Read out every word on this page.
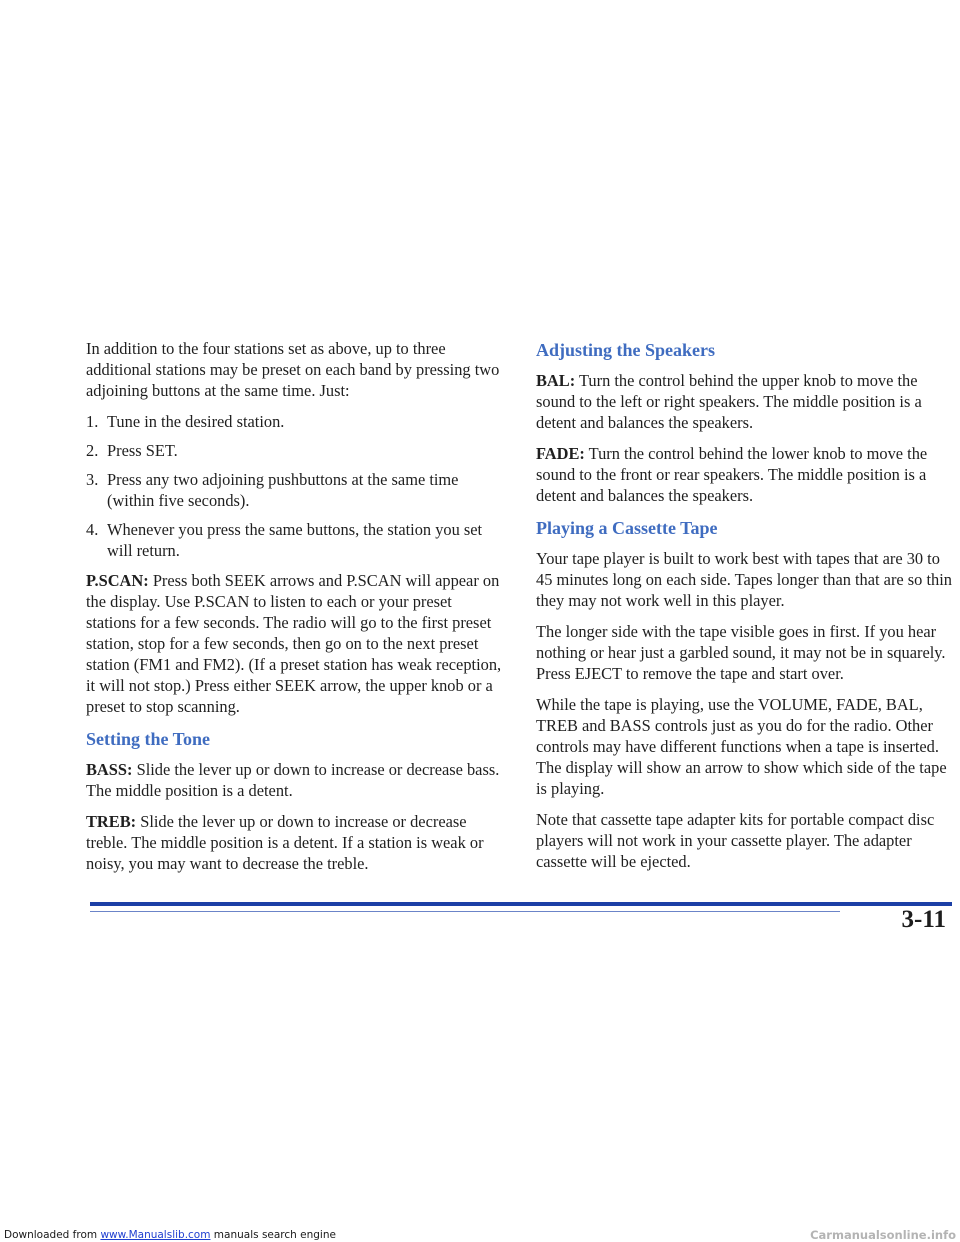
In addition to the four stations set as above, up to three additional stations may be preset on each band by pressing two adjoining buttons at the same time. Just:

1. Tune in the desired station.
2. Press SET.
3. Press any two adjoining pushbuttons at the same time (within five seconds).
4. Whenever you press the same buttons, the station you set will return.

P.SCAN: Press both SEEK arrows and P.SCAN will appear on the display. Use P.SCAN to listen to each or your preset stations for a few seconds. The radio will go to the first preset station, stop for a few seconds, then go on to the next preset station (FM1 and FM2). (If a preset station has weak reception, it will not stop.) Press either SEEK arrow, the upper knob or a preset to stop scanning.

Setting the Tone

BASS: Slide the lever up or down to increase or decrease bass. The middle position is a detent.

TREB: Slide the lever up or down to increase or decrease treble. The middle position is a detent. If a station is weak or noisy, you may want to decrease the treble.

Adjusting the Speakers

BAL: Turn the control behind the upper knob to move the sound to the left or right speakers. The middle position is a detent and balances the speakers.

FADE: Turn the control behind the lower knob to move the sound to the front or rear speakers. The middle position is a detent and balances the speakers.

Playing a Cassette Tape

Your tape player is built to work best with tapes that are 30 to 45 minutes long on each side. Tapes longer than that are so thin they may not work well in this player.

The longer side with the tape visible goes in first. If you hear nothing or hear just a garbled sound, it may not be in squarely. Press EJECT to remove the tape and start over.

While the tape is playing, use the VOLUME, FADE, BAL, TREB and BASS controls just as you do for the radio. Other controls may have different functions when a tape is inserted. The display will show an arrow to show which side of the tape is playing.

Note that cassette tape adapter kits for portable compact disc players will not work in your cassette player. The adapter cassette will be ejected.

3-11
Downloaded from www.Manualslib.com manuals search engine	Carmanualsonline.info
